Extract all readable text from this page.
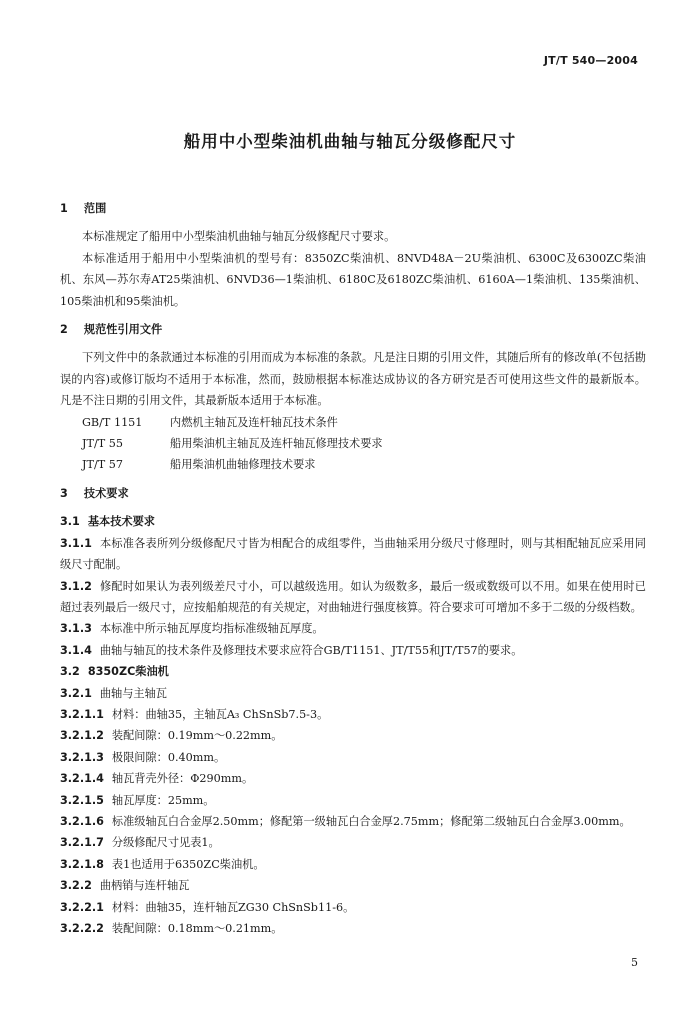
JT/T 540—2004
船用中小型柴油机曲轴与轴瓦分级修配尺寸

1 范围

本标准规定了船用中小型柴油机曲轴与轴瓦分级修配尺寸要求。

本标准适用于船用中小型柴油机的型号有：8350ZC柴油机、8NVD48A－2U柴油机、6300C及6300ZC柴油机、东风—苏尔寿AT25柴油机、6NVD36—1柴油机、6180C及6180ZC柴油机、6160A—1柴油机、135柴油机、105柴油机和95柴油机。

2 规范性引用文件

下列文件中的条款通过本标准的引用而成为本标准的条款。凡是注日期的引用文件，其随后所有的修改单(不包括勘误的内容)或修订版均不适用于本标准，然而，鼓励根据本标准达成协议的各方研究是否可使用这些文件的最新版本。凡是不注日期的引用文件，其最新版本适用于本标准。

GB/T 1151	内燃机主轴瓦及连杆轴瓦技术条件

JT/T 55	船用柴油机主轴瓦及连杆轴瓦修理技术要求

JT/T 57	船用柴油机曲轴修理技术要求

3 技术要求

3.1 基本技术要求

3.1.1 本标准各表所列分级修配尺寸皆为相配合的成组零件，当曲轴采用分级尺寸修理时，则与其相配轴瓦应采用同级尺寸配制。

3.1.2 修配时如果认为表列级差尺寸小，可以越级选用。如认为级数多，最后一级或数级可以不用。如果在使用时已超过表列最后一级尺寸，应按船舶规范的有关规定，对曲轴进行强度核算。符合要求可可增加不多于二级的分级档数。

3.1.3 本标准中所示轴瓦厚度均指标准级轴瓦厚度。

3.1.4 曲轴与轴瓦的技术条件及修理技术要求应符合GB/T1151、JT/T55和JT/T57的要求。

3.2 8350ZC柴油机

3.2.1 曲轴与主轴瓦

3.2.1.1 材料：曲轴35，主轴瓦A₃ ChSnSb7.5-3。

3.2.1.2 装配间隙：0.19mm～0.22mm。

3.2.1.3 极限间隙：0.40mm。

3.2.1.4 轴瓦背壳外径：Φ290mm。

3.2.1.5 轴瓦厚度：25mm。

3.2.1.6 标准级轴瓦白合金厚2.50mm；修配第一级轴瓦白合金厚2.75mm；修配第二级轴瓦白合金厚3.00mm。

3.2.1.7 分级修配尺寸见表1。

3.2.1.8 表1也适用于6350ZC柴油机。

3.2.2 曲柄销与连杆轴瓦

3.2.2.1 材料：曲轴35，连杆轴瓦ZG30 ChSnSb11-6。

3.2.2.2 装配间隙：0.18mm～0.21mm。

5
